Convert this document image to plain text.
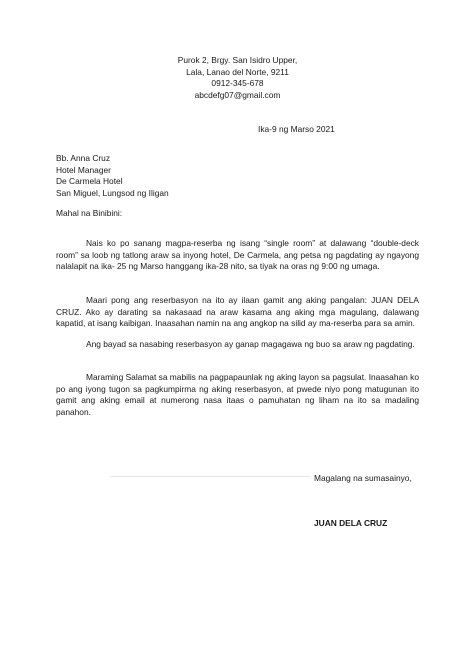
Purok 2, Brgy. San Isidro Upper,
Lala, Lanao del Norte, 9211
0912-345-678
abcdefg07@gmail.com
Ika-9 ng Marso 2021
Bb. Anna Cruz
Hotel Manager
De Carmela Hotel
San Miguel, Lungsod ng Iligan
Mahal na Binibini:
Nais ko po sanang magpa-reserba ng isang “single room” at dalawang “double-deck room” sa loob ng tatlong araw sa inyong hotel, De Carmela, ang petsa ng pagdating ay ngayong nalalapit na ika- 25 ng Marso hanggang ika-28 nito, sa tiyak na oras ng 9:00 ng umaga.
Maari pong ang reserbasyon na ito ay ilaan gamit ang aking pangalan: JUAN DELA CRUZ. Ako ay darating sa nakasaad na araw kasama ang aking mga magulang, dalawang kapatid, at isang kaibigan. Inaasahan namin na ang angkop na silid ay ma-reserba para sa amin.
Ang bayad sa nasabing reserbasyon ay ganap magagawa ng buo sa araw ng pagdating.
Maraming Salamat sa mabilis na pagpapaunlak ng aking layon sa pagsulat. Inaasahan ko po ang iyong tugon sa pagkumpirma ng aking reserbasyon, at pwede niyo pong matugunan ito gamit ang aking email at numerong nasa itaas o pamuhatan ng liham na ito sa madaling panahon.
Magalang na sumasainyo,
JUAN DELA CRUZ
